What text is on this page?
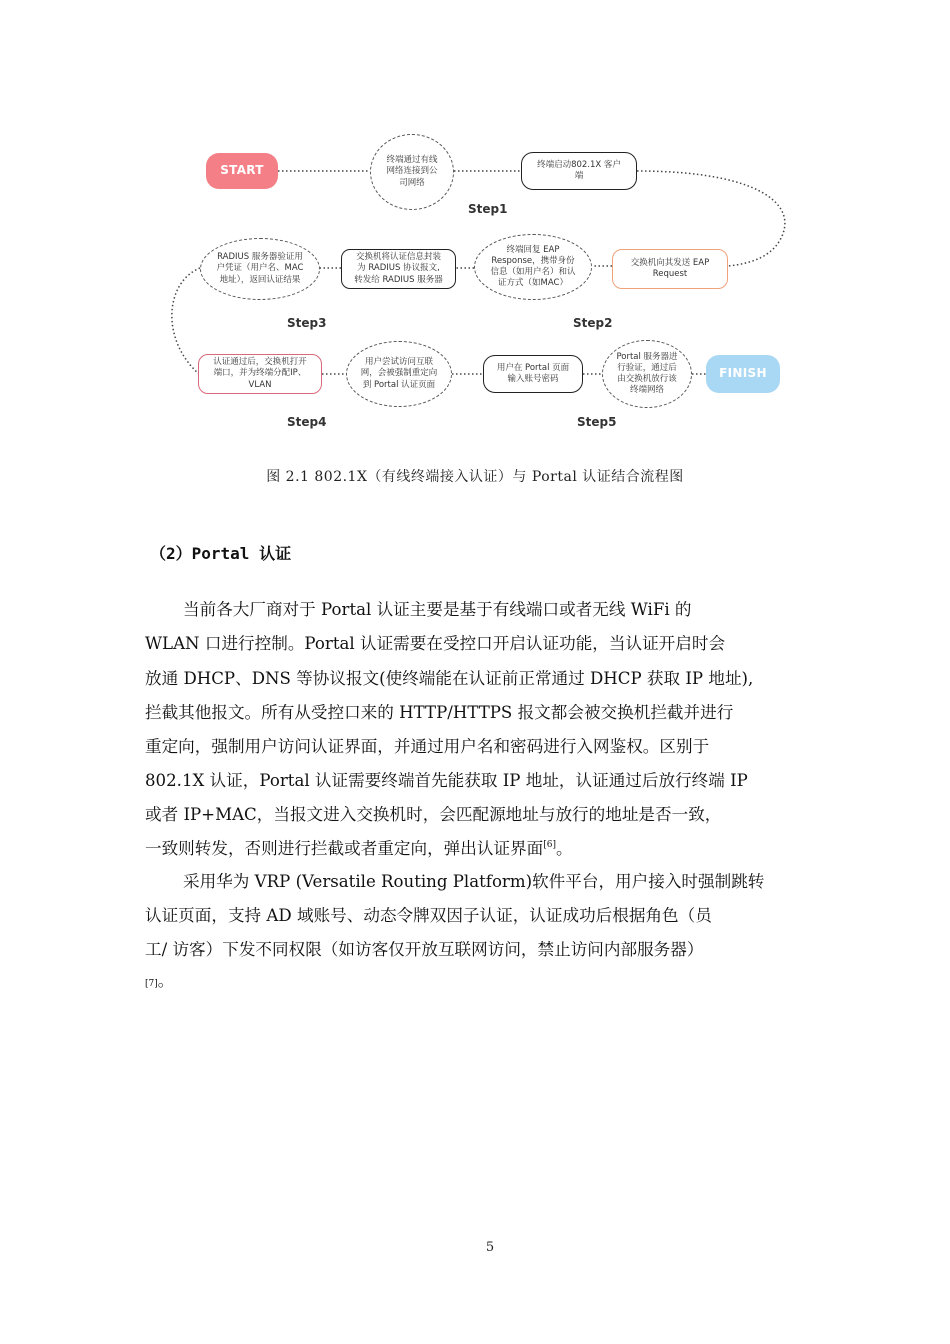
START
终端通过有线
网络连接到公
司网络
终端启动802.1X 客户
端
Step1
RADIUS 服务器验证用
户凭证（用户名、MAC
地址），返回认证结果
交换机将认证信息封装
为 RADIUS 协议报文,
转发给 RADIUS 服务器
终端回复 EAP
Response，携带身份
信息（如用户名）和认
证方式（如MAC）
交换机向其发送 EAP
Request
Step3	Step2
认证通过后，交换机打开
端口，并为终端分配IP、
VLAN
用户尝试访问互联
网，会被强制重定向
到 Portal 认证页面
用户在 Portal 页面
输入账号密码
Portal 服务器进
行验证，通过后
由交换机放行该
终端网络
FINISH
Step4	Step5
图 2.1 802.1X（有线终端接入认证）与 Portal 认证结合流程图
（2）Portal 认证
当前各大厂商对于 Portal 认证主要是基于有线端口或者无线 WiFi 的
WLAN 口进行控制。Portal 认证需要在受控口开启认证功能，当认证开启时会
放通 DHCP、DNS 等协议报文(使终端能在认证前正常通过 DHCP 获取 IP 地址),
拦截其他报文。所有从受控口来的 HTTP/HTTPS 报文都会被交换机拦截并进行
重定向，强制用户访问认证界面，并通过用户名和密码进行入网鉴权。区别于
802.1X 认证，Portal 认证需要终端首先能获取 IP 地址，认证通过后放行终端 IP
或者 IP+MAC，当报文进入交换机时，会匹配源地址与放行的地址是否一致，
一致则转发，否则进行拦截或者重定向，弹出认证界面[6]。
采用华为 VRP (Versatile Routing Platform)软件平台，用户接入时强制跳转
认证页面，支持 AD 域账号、动态令牌双因子认证，认证成功后根据角色（员
工/ 访客）下发不同权限（如访客仅开放互联网访问，禁止访问内部服务器）
[7]。
5
